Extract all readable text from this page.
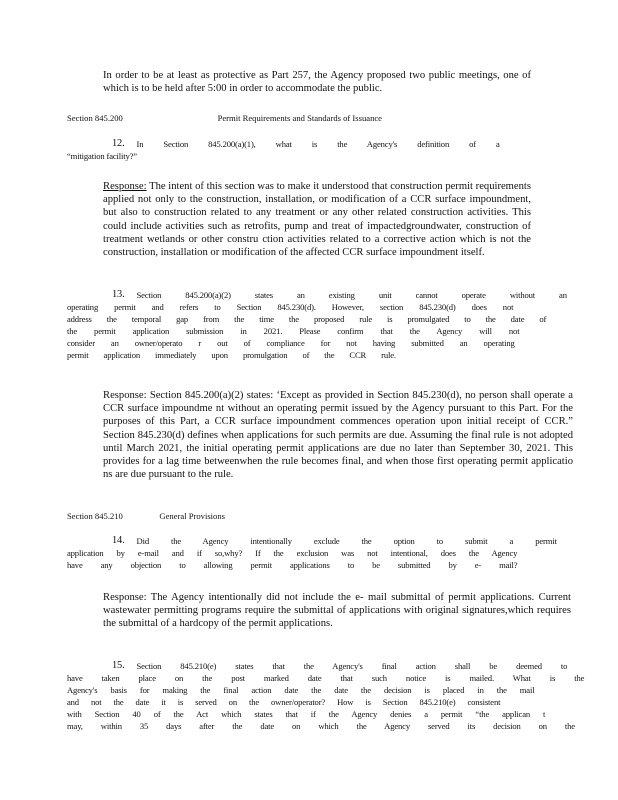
In order to be at least as protective as Part 257, the Agency proposed two public meetings, one of which is to be held after 5:00 in order to accommodate the public.
Section 845.200	Permit Requirements and Standards of Issuance
12. In Section 845.200(a)(1), what is the Agency's definition of a
“mitigation facility?”
Response: The intent of this section was to make it understood that construction permit requirements applied not only to the construction, installation, or modification of a CCR surface impoundment, but also to construction related to any treatment or any other related construction activities. This could include activities such as retrofits, pump and treat of impactedgroundwater, construction of treatment wetlands or other constru ction activities related to a corrective action which is not the construction, installation or modification of the affected CCR surface impoundment itself.
13. Section 845.200(a)(2) states an existing unit cannot operate without an
operating permit and refers to Section 845.230(d). However, section 845.230(d) does not
address the temporal gap from the time the proposed rule is promulgated to the date of
the permit application submission in 2021. Please confirm that the Agency will not
consider an owner/operato r out of compliance for not having submitted an operating
permit application immediately upon promulgation of the CCR rule.
Response: Section 845.200(a)(2) states: ‘Except as provided in Section 845.230(d), no person shall operate a CCR surface impoundme nt without an operating permit issued by the Agency pursuant to this Part. For the purposes of this Part, a CCR surface impoundment commences operation upon initial receipt of CCR.” Section 845.230(d) defines when applications for such permits are due. Assuming the final rule is not adopted until March 2021, the initial operating permit applications are due no later than September 30, 2021. This provides for a lag time betweenwhen the rule becomes final, and when those first operating permit applicatio ns are due pursuant to the rule.
Section 845.210	General Provisions
14. Did the Agency intentionally exclude the option to submit a permit
application by e-mail and if so,why? If the exclusion was not intentional, does the Agency
have any objection to allowing permit applications to be submitted by e- mail?
Response: The Agency intentionally did not include the e- mail submittal of permit applications. Current wastewater permitting programs require the submittal of applications with original signatures,which requires the submittal of a hardcopy of the permit applications.
15. Section 845.210(e) states that the Agency's final action shall be deemed to
have taken place on the post marked date that such notice is mailed. What is the
Agency's basis for making the final action date the date the decision is placed in the mail
and not the date it is served on the owner/operator? How is Section 845.210(e) consistent
with Section 40 of the Act which states that if the Agency denies a permit “the applican t
may, within 35 days after the date on which the Agency served its decision on the
